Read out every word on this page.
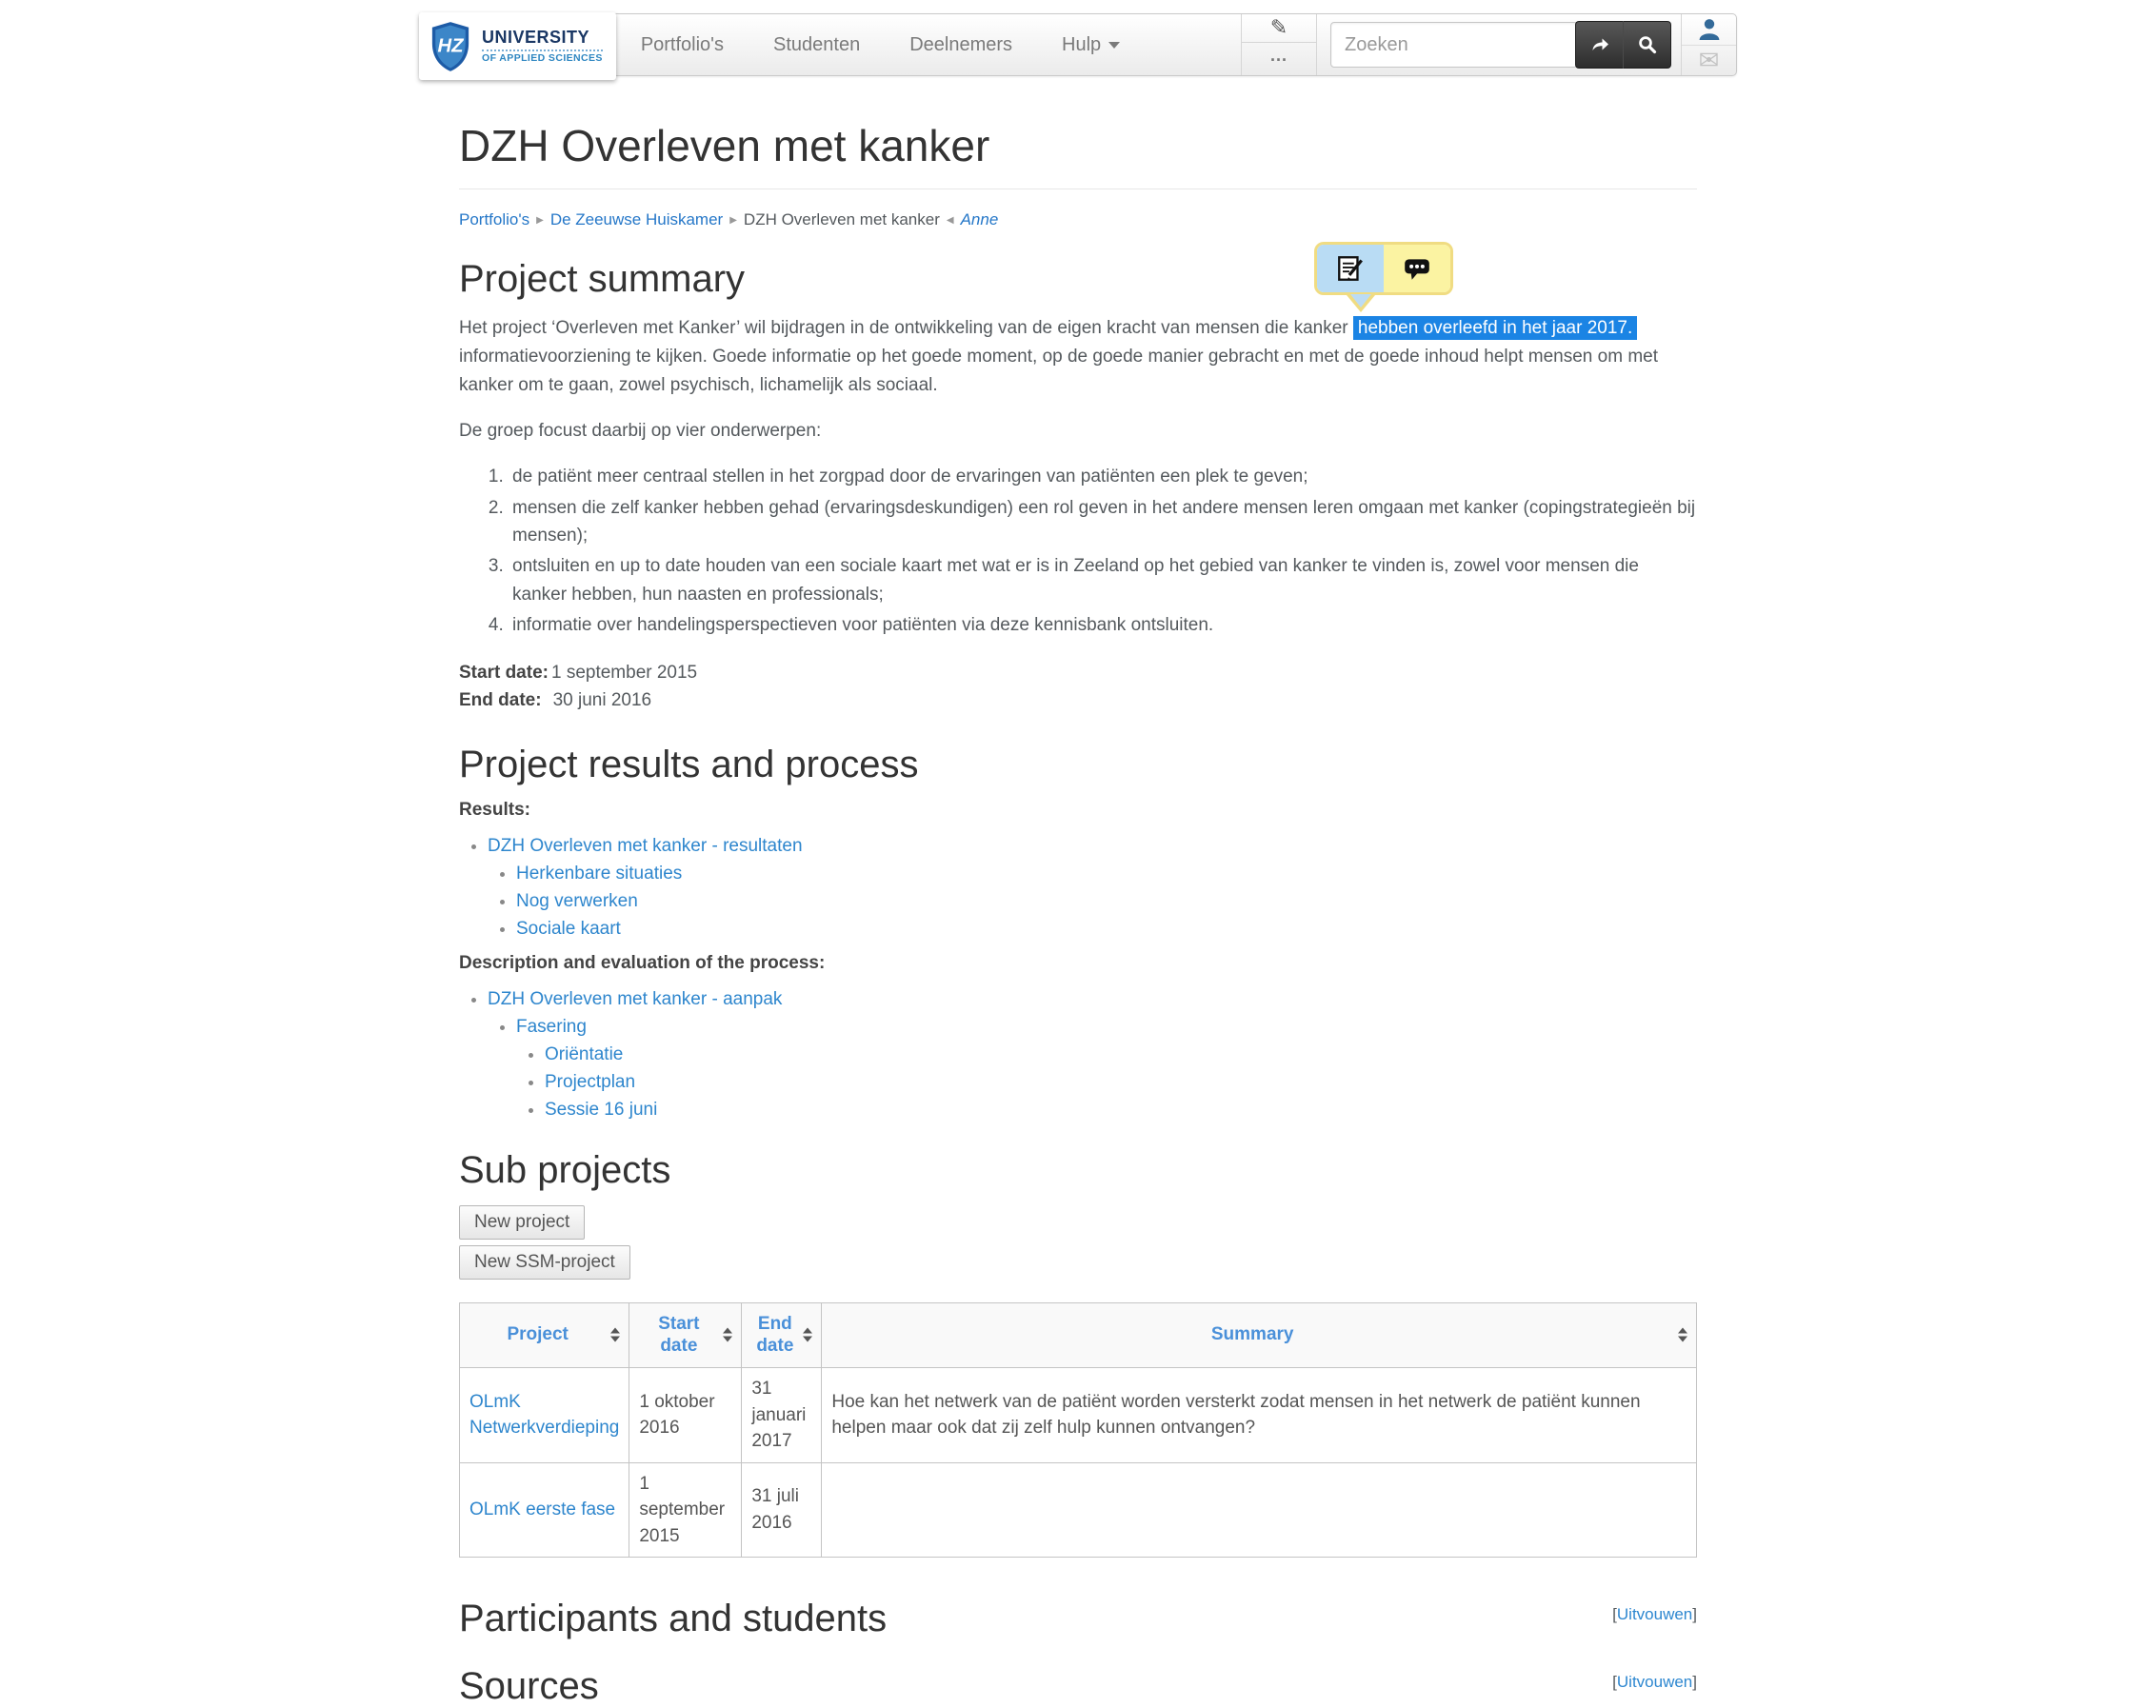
HZ UNIVERSITY
OF APPLIED SCIENCES
Portfolio's	Studenten	Deelnemers	Hulp
✎
...
Zoeken	✉
DZH Overleven met kanker
Portfolio's ▶ De Zeeuwse Huiskamer ▶ DZH Overleven met kanker ◀ Anne
Project summary

Het project ‘Overleven met Kanker’ wil bijdragen in de ontwikkeling van de eigen kracht van mensen die kanker hebben overleefd in het jaar 2017. informatievoorziening te kijken. Goede informatie op het goede moment, op de goede manier gebracht en met de goede inhoud helpt mensen om met kanker om te gaan, zowel psychisch, lichamelijk als sociaal.

De groep focust daarbij op vier onderwerpen:

1. de patiënt meer centraal stellen in het zorgpad door de ervaringen van patiënten een plek te geven;
2. mensen die zelf kanker hebben gehad (ervaringsdeskundigen) een rol geven in het andere mensen leren omgaan met kanker (copingstrategieën bij mensen);
3. ontsluiten en up to date houden van een sociale kaart met wat er is in Zeeland op het gebied van kanker te vinden is, zowel voor mensen die kanker hebben, hun naasten en professionals;
4. informatie over handelingsperspectieven voor patiënten via deze kennisbank ontsluiten.
Start date: 1 september 2015
End date: 30 juni 2016
Project results and process

Results:

• DZH Overleven met kanker - resultaten
• Herkenbare situaties
• Nog verwerken
• Sociale kaart

Description and evaluation of the process:

• DZH Overleven met kanker - aanpak
• Fasering
• Oriëntatie
• Projectplan
• Sessie 16 juni
Sub projects
New project
New SSM-project
Project	Start date	End date	Summary

OLmK Netwerkverdieping	1 oktober 2016	31 januari 2017	Hoe kan het netwerk van de patiënt worden versterkt zodat mensen in het netwerk de patiënt kunnen helpen maar ook dat zij zelf hulp kunnen ontvangen?
OLmK eerste fase	1 september 2015	31 juli 2016	
Participants and students	[Uitvouwen]
Sources	[Uitvouwen]
